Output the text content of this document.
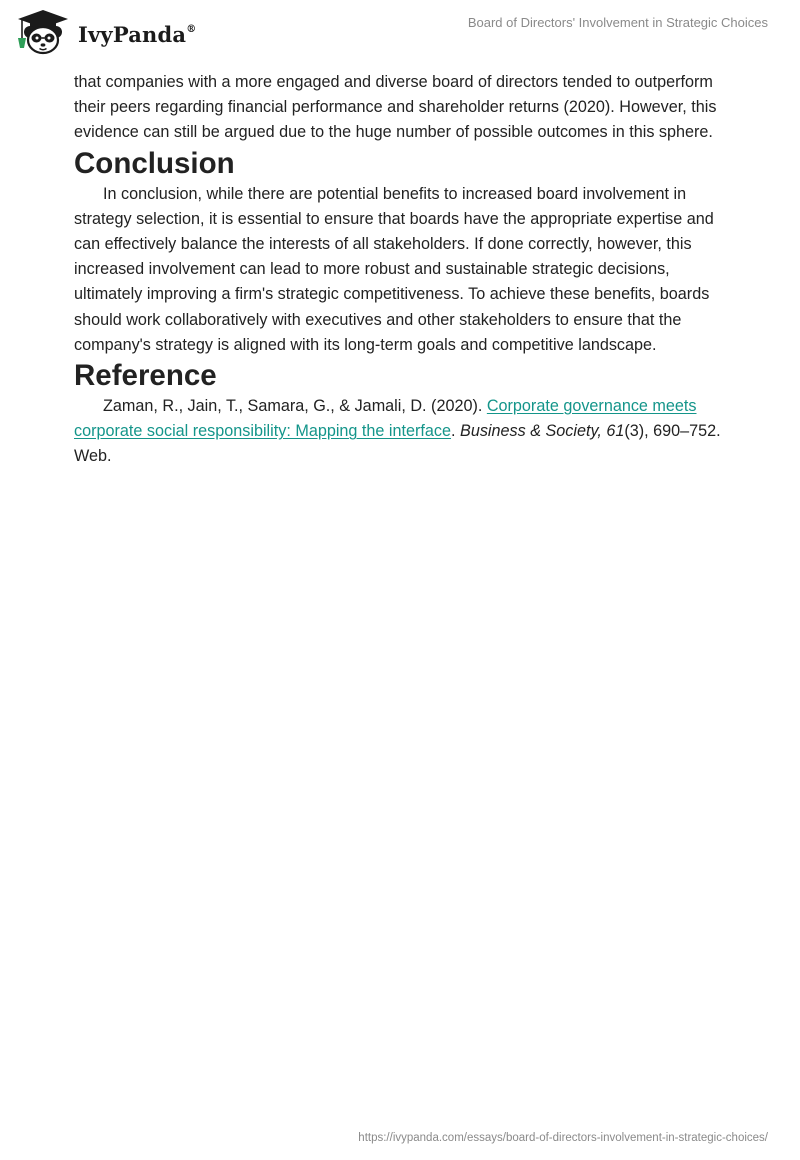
IvyPanda®	Board of Directors' Involvement in Strategic Choices

that companies with a more engaged and diverse board of directors tended to outperform their peers regarding financial performance and shareholder returns (2020). However, this evidence can still be argued due to the huge number of possible outcomes in this sphere.

Conclusion

In conclusion, while there are potential benefits to increased board involvement in strategy selection, it is essential to ensure that boards have the appropriate expertise and can effectively balance the interests of all stakeholders. If done correctly, however, this increased involvement can lead to more robust and sustainable strategic decisions, ultimately improving a firm's strategic competitiveness. To achieve these benefits, boards should work collaboratively with executives and other stakeholders to ensure that the company's strategy is aligned with its long-term goals and competitive landscape.

Reference

Zaman, R., Jain, T., Samara, G., & Jamali, D. (2020). Corporate governance meets corporate social responsibility: Mapping the interface. Business & Society, 61(3), 690–752. Web.

https://ivypanda.com/essays/board-of-directors-involvement-in-strategic-choices/
